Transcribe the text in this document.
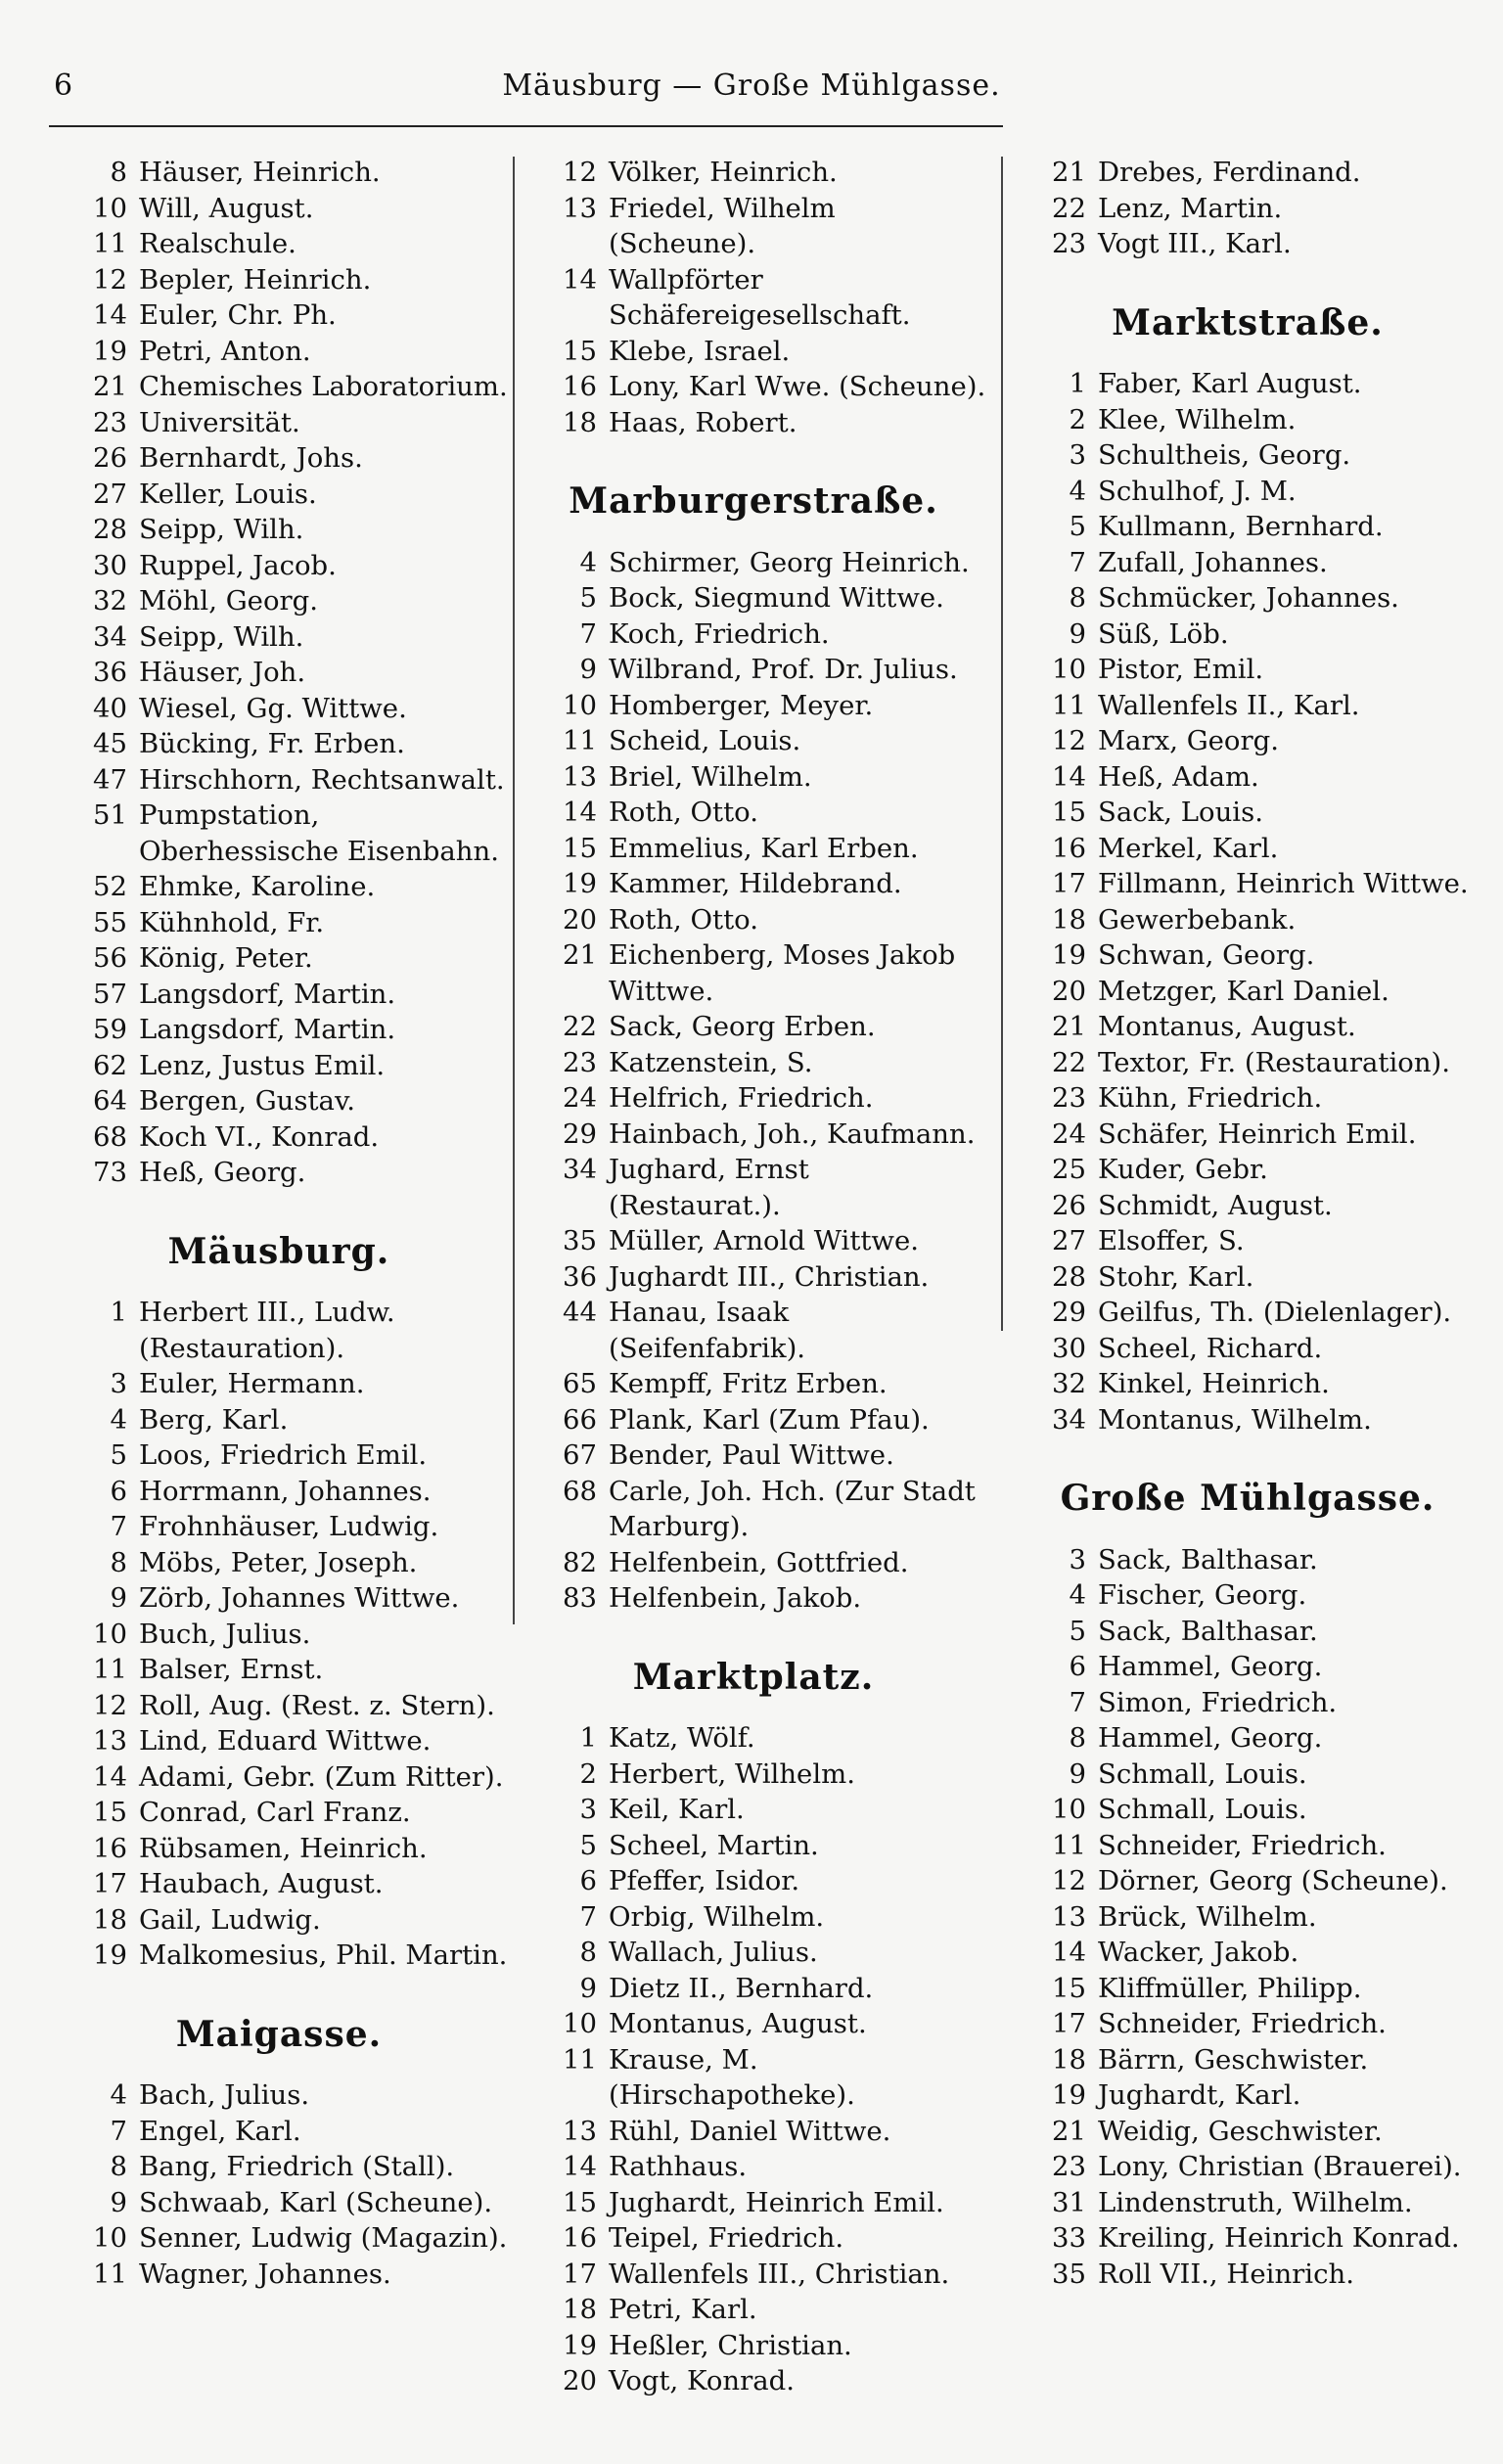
6	Mäusburg — Große Mühlgasse.
8 Häuser, Heinrich.
10 Will, August.
11 Realschule.
12 Bepler, Heinrich.
14 Euler, Chr. Ph.
19 Petri, Anton.
21 Chemisches Laboratorium.
23 Universität.
26 Bernhardt, Johs.
27 Keller, Louis.
28 Seipp, Wilh.
30 Ruppel, Jacob.
32 Möhl, Georg.
34 Seipp, Wilh.
36 Häuser, Joh.
40 Wiesel, Gg. Wittwe.
45 Bücking, Fr. Erben.
47 Hirschhorn, Rechtsanwalt.
51 Pumpstation, Oberhessische Eisenbahn.
52 Ehmke, Karoline.
55 Kühnhold, Fr.
56 König, Peter.
57 Langsdorf, Martin.
59 Langsdorf, Martin.
62 Lenz, Justus Emil.
64 Bergen, Gustav.
68 Koch VI., Konrad.
73 Heß, Georg.
Mäusburg.
1 Herbert III., Ludw. (Restauration).
3 Euler, Hermann.
4 Berg, Karl.
5 Loos, Friedrich Emil.
6 Horrmann, Johannes.
7 Frohnhäuser, Ludwig.
8 Möbs, Peter, Joseph.
9 Zörb, Johannes Wittwe.
10 Buch, Julius.
11 Balser, Ernst.
12 Roll, Aug. (Rest. z. Stern).
13 Lind, Eduard Wittwe.
14 Adami, Gebr. (Zum Ritter).
15 Conrad, Carl Franz.
16 Rübsamen, Heinrich.
17 Haubach, August.
18 Gail, Ludwig.
19 Malkomesius, Phil. Martin.
Maigasse.
4 Bach, Julius.
7 Engel, Karl.
8 Bang, Friedrich (Stall).
9 Schwaab, Karl (Scheune).
10 Senner, Ludwig (Magazin).
11 Wagner, Johannes.
12 Völker, Heinrich.
13 Friedel, Wilhelm (Scheune).
14 Wallpförter Schäfereigesellschaft.
15 Klebe, Israel.
16 Lony, Karl Wwe. (Scheune).
18 Haas, Robert.
Marburgerstraße.
4 Schirmer, Georg Heinrich.
5 Bock, Siegmund Wittwe.
7 Koch, Friedrich.
9 Wilbrand, Prof. Dr. Julius.
10 Homberger, Meyer.
11 Scheid, Louis.
13 Briel, Wilhelm.
14 Roth, Otto.
15 Emmelius, Karl Erben.
19 Kammer, Hildebrand.
20 Roth, Otto.
21 Eichenberg, Moses Jakob Wittwe.
22 Sack, Georg Erben.
23 Katzenstein, S.
24 Helfrich, Friedrich.
29 Hainbach, Joh., Kaufmann.
34 Jughard, Ernst (Restaurat.).
35 Müller, Arnold Wittwe.
36 Jughardt III., Christian.
44 Hanau, Isaak (Seifenfabrik).
65 Kempff, Fritz Erben.
66 Plank, Karl (Zum Pfau).
67 Bender, Paul Wittwe.
68 Carle, Joh. Hch. (Zur Stadt Marburg).
82 Helfenbein, Gottfried.
83 Helfenbein, Jakob.
Marktplatz.
1 Katz, Wölf.
2 Herbert, Wilhelm.
3 Keil, Karl.
5 Scheel, Martin.
6 Pfeffer, Isidor.
7 Orbig, Wilhelm.
8 Wallach, Julius.
9 Dietz II., Bernhard.
10 Montanus, August.
11 Krause, M. (Hirschapotheke).
13 Rühl, Daniel Wittwe.
14 Rathhaus.
15 Jughardt, Heinrich Emil.
16 Teipel, Friedrich.
17 Wallenfels III., Christian.
18 Petri, Karl.
19 Heßler, Christian.
20 Vogt, Konrad.
21 Drebes, Ferdinand.
22 Lenz, Martin.
23 Vogt III., Karl.
Marktstraße.
1 Faber, Karl August.
2 Klee, Wilhelm.
3 Schultheis, Georg.
4 Schulhof, J. M.
5 Kullmann, Bernhard.
7 Zufall, Johannes.
8 Schmücker, Johannes.
9 Süß, Löb.
10 Pistor, Emil.
11 Wallenfels II., Karl.
12 Marx, Georg.
14 Heß, Adam.
15 Sack, Louis.
16 Merkel, Karl.
17 Fillmann, Heinrich Wittwe.
18 Gewerbebank.
19 Schwan, Georg.
20 Metzger, Karl Daniel.
21 Montanus, August.
22 Textor, Fr. (Restauration).
23 Kühn, Friedrich.
24 Schäfer, Heinrich Emil.
25 Kuder, Gebr.
26 Schmidt, August.
27 Elsoffer, S.
28 Stohr, Karl.
29 Geilfus, Th. (Dielenlager).
30 Scheel, Richard.
32 Kinkel, Heinrich.
34 Montanus, Wilhelm.
Große Mühlgasse.
3 Sack, Balthasar.
4 Fischer, Georg.
5 Sack, Balthasar.
6 Hammel, Georg.
7 Simon, Friedrich.
8 Hammel, Georg.
9 Schmall, Louis.
10 Schmall, Louis.
11 Schneider, Friedrich.
12 Dörner, Georg (Scheune).
13 Brück, Wilhelm.
14 Wacker, Jakob.
15 Kliffmüller, Philipp.
17 Schneider, Friedrich.
18 Bärrn, Geschwister.
19 Jughardt, Karl.
21 Weidig, Geschwister.
23 Lony, Christian (Brauerei).
31 Lindenstruth, Wilhelm.
33 Kreiling, Heinrich Konrad.
35 Roll VII., Heinrich.
